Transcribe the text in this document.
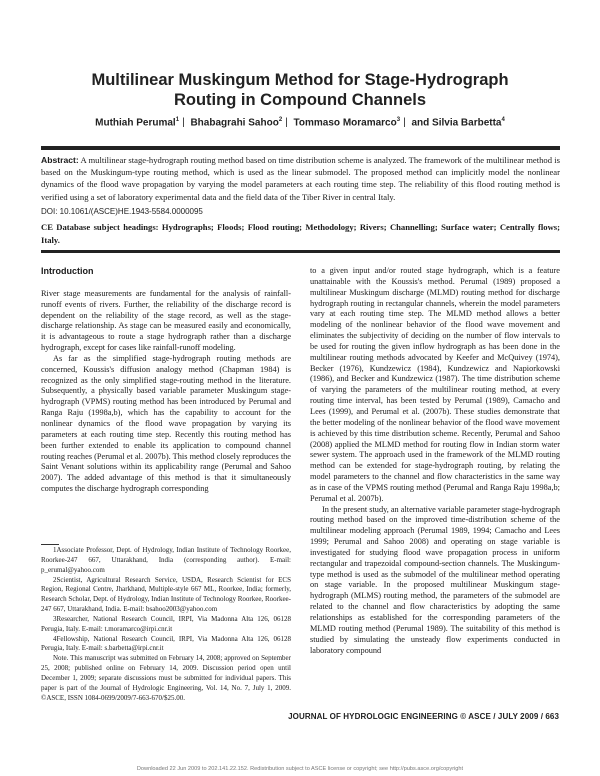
Multilinear Muskingum Method for Stage-Hydrograph
Routing in Compound Channels
Muthiah Perumal$^1$ | Bhabagrahi Sahoo$^2$ | Tommaso Moramarco$^3$ | and Silvia Barbetta$^4$
Abstract: A multilinear stage-hydrograph routing method based on time distribution scheme is analyzed. The framework of the multilinear method is based on the Muskingum-type routing method, which is used as the linear submodel. The proposed method can implicitly model the nonlinear dynamics of the flood wave propagation by varying the model parameters at each routing time step. The reliability of this flood routing method is verified using a set of laboratory experimental data and the field data of the Tiber River in central Italy.
DOI: 10.1061/(ASCE)HE.1943-5584.0000095
CE Database subject headings: Hydrographs; Floods; Flood routing; Methodology; Rivers; Channelling; Surface water; Centrally flows; Italy.
Introduction

River stage measurements are fundamental for the analysis of rainfall-runoff events of rivers. Further, the reliability of the discharge record is dependent on the reliability of the stage record, as well as the stage-discharge relationship. As stage can be measured easily and economically, it is advantageous to route a stage hydrograph rather than a discharge hydrograph, except for cases like rainfall-runoff modeling.

As far as the simplified stage-hydrograph routing methods are concerned, Koussis's diffusion analogy method (Chapman 1984) is recognized as the only simplified stage-routing method in the literature. Subsequently, a physically based variable parameter Muskingum stage-hydrograph (VPMS) routing method has been introduced by Perumal and Ranga Raju (1998a,b), which has the capability to account for the nonlinear dynamics of the flood wave propagation by varying its parameters at each routing time step. Recently this routing method has been further extended to enable its application to compound channel routing reaches (Perumal et al. 2007b). This method closely reproduces the Saint Venant solutions within its applicability range (Perumal and Sahoo 2007). The added advantage of this method is that it simultaneously computes the discharge hydrograph corresponding

1Associate Professor, Dept. of Hydrology, Indian Institute of Technology Roorkee, Roorkee-247 667, Uttarakhand, India (corresponding author). E-mail: p_erumal@yahoo.com

2Scientist, Agricultural Research Service, USDA, Research Scientist for ECS Region, Regional Centre, Jharkhand, Multiple-style 667 ML, Roorkee, India; formerly, Research Scholar, Dept. of Hydrology, Indian Institute of Technology Roorkee, Roorkee-247 667, Uttarakhand, India. E-mail: bsahoo2003@yahoo.com

3Researcher, National Research Council, IRPI, Via Madonna Alta 126, 06128 Perugia, Italy. E-mail: t.moramarco@irpi.cnr.it

4Fellowship, National Research Council, IRPI, Via Madonna Alta 126, 06128 Perugia, Italy. E-mail: s.barbetta@irpi.cnr.it

Note. This manuscript was submitted on February 14, 2008; approved on September 25, 2008; published online on February 14, 2009. Discussion period open until December 1, 2009; separate discussions must be submitted for individual papers. This paper is part of the Journal of Hydrologic Engineering, Vol. 14, No. 7, July 1, 2009. ©ASCE, ISSN 1084-0699/2009/7-663-670/$25.00.

to a given input and/or routed stage hydrograph, which is a feature unattainable with the Koussis's method. Perumal (1989) proposed a multilinear Muskingum discharge (MLMD) routing method for discharge hydrograph routing in rectangular channels, wherein the model parameters vary at each routing time step. The MLMD method allows a better modeling of the nonlinear behavior of the flood wave movement and eliminates the subjectivity of deciding on the number of flow intervals to be used for routing the given inflow hydrograph as has been done in the multilinear routing methods advocated by Keefer and McQuivey (1974), Becker (1976), Kundzewicz (1984), Kundzewicz and Napiorkowski (1986), and Becker and Kundzewicz (1987). The time distribution scheme of varying the parameters of the multilinear routing method, at every routing time interval, has been tested by Perumal (1989), Camacho and Lees (1999), and Perumal et al. (2007b). These studies demonstrate that the better modeling of the nonlinear behavior of the flood wave movement is achieved by this time distribution scheme. Recently, Perumal and Sahoo (2008) applied the MLMD method for routing flow in Indian storm water sewer system. The approach used in the framework of the MLMD routing method can be extended for stage-hydrograph routing, by relating the model parameters to the channel and flow characteristics in the same way as in case of the VPMS routing method (Perumal and Ranga Raju 1998a,b; Perumal et al. 2007b).

In the present study, an alternative variable parameter stage-hydrograph routing method based on the improved time-distribution scheme of the multilinear modeling approach (Perumal 1989, 1994; Camacho and Lees 1999; Perumal and Sahoo 2008) and operating on stage variable is investigated for studying flood wave propagation process in uniform rectangular and trapezoidal compound-section channels. The Muskingum-type method is used as the submodel of the multilinear method operating on stage variable. In the proposed multilinear Muskingum stage-hydrograph (MLMS) routing method, the parameters of the submodel are related to the channel and flow characteristics by adopting the same relationships as established for the corresponding parameters of the MLMD routing method (Perumal 1989). The suitability of this method is studied by simulating the unsteady flow experiments conducted in laboratory compound

JOURNAL OF HYDROLOGIC ENGINEERING © ASCE / JULY 2009 / 663
Downloaded 22 Jun 2009 to 202.141.22.152. Redistribution subject to ASCE license or copyright; see http://pubs.asce.org/copyright
